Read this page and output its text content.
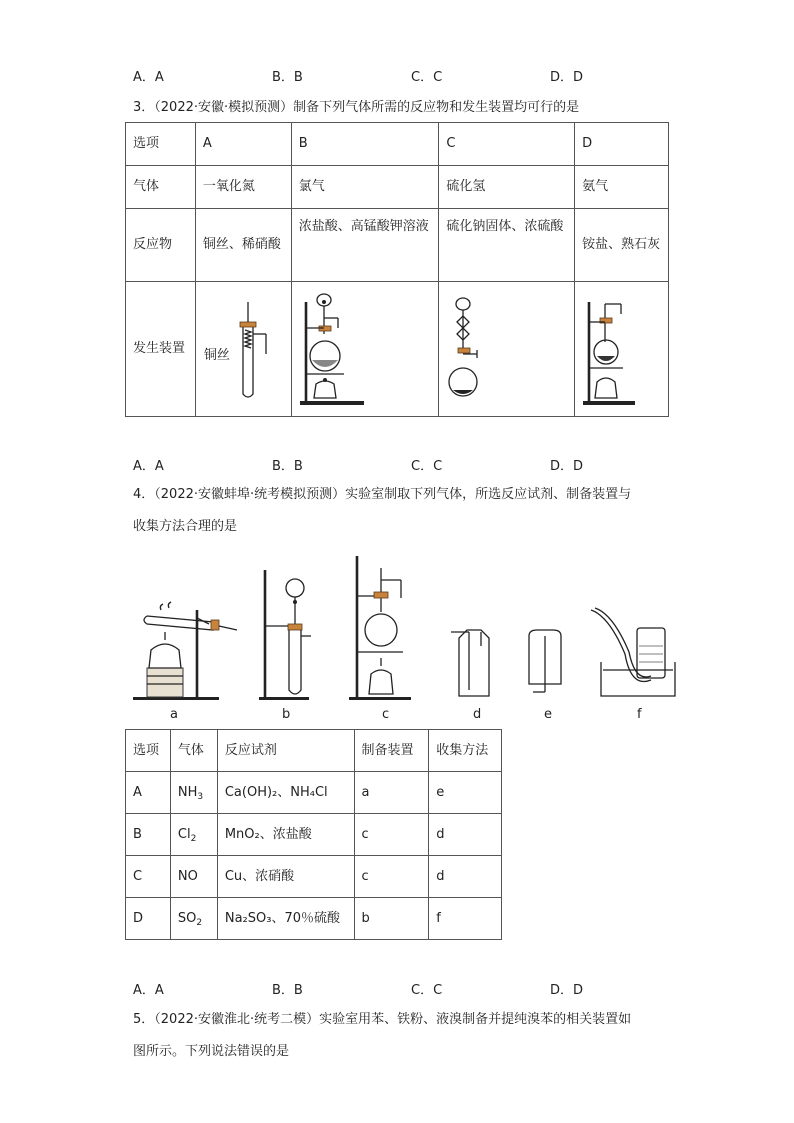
A．A	B．B	C．C	D．D
3．（2022·安徽·模拟预测）制备下列气体所需的反应物和发生装置均可行的是
选项	A	B	C	D
气体	一氧化氮	氯气	硫化氢	氨气
反应物	铜丝、稀硝酸	浓盐酸、高锰酸钾溶液	硫化钠固体、浓硫酸	铵盐、熟石灰
发生装置	铜丝

A．A	B．B	C．C	D．D
4．（2022·安徽蚌埠·统考模拟预测）实验室制取下列气体，所选反应试剂、制备装置与
收集方法合理的是
a	b	c	d	e	f
选项	气体	反应试剂	制备装置	收集方法
A	$NH_3$	Ca(OH)₂、NH₄Cl	a	e
B	$Cl_2$	MnO₂、浓盐酸	c	d
C	NO	Cu、浓硝酸	c	d
D	$SO_2$	Na₂SO₃、70％硫酸	b	f
A．A	B．B	C．C	D．D
5．（2022·安徽淮北·统考二模）实验室用苯、铁粉、液溴制备并提纯溴苯的相关装置如
图所示。下列说法错误的是
